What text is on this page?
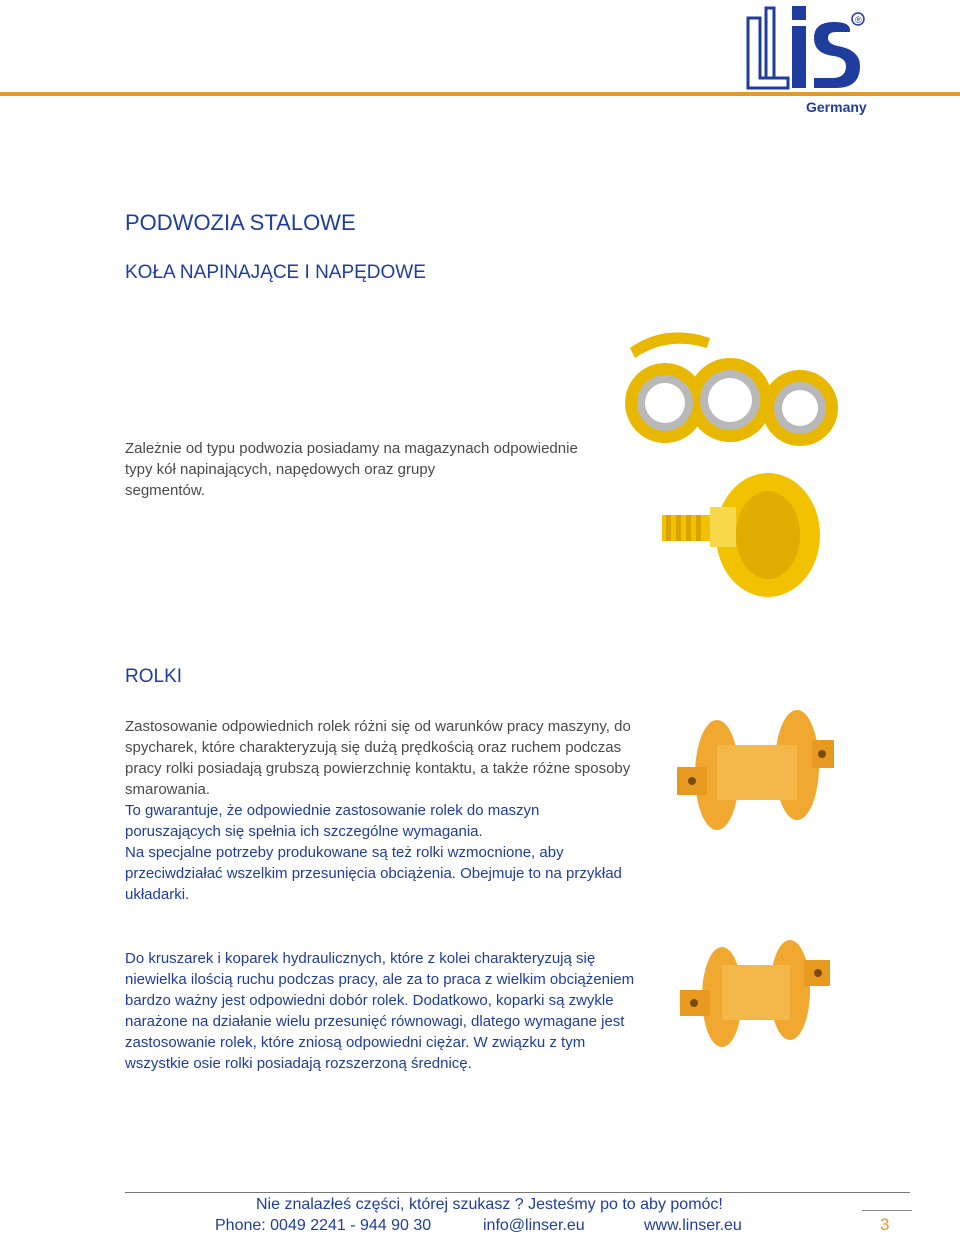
®
Germany
PODWOZIA STALOWE
KOŁA NAPINAJĄCE I NAPĘDOWE

Zależnie od typu podwozia posiadamy na magazynach odpowiednie
typy kół napinających, napędowych oraz grupy
segmentów.

ROLKI

Zastosowanie odpowiednich rolek różni się od warunków pracy maszyny, do
spycharek, które charakteryzują się dużą prędkością oraz ruchem podczas
pracy rolki posiadają grubszą powierzchnię kontaktu, a także różne sposoby
smarowania.

To gwarantuje, że odpowiednie zastosowanie rolek do maszyn
poruszających się spełnia ich szczególne wymagania.

Na specjalne potrzeby produkowane są też rolki wzmocnione, aby
przeciwdziałać wszelkim przesunięcia obciążenia. Obejmuje to na przykład
układarki.

Do kruszarek i koparek hydraulicznych, które z kolei charakteryzują się
niewielka ilością ruchu podczas pracy, ale za to praca z wielkim obciążeniem
bardzo ważny jest odpowiedni dobór rolek. Dodatkowo, koparki są zwykle
narażone na działanie wielu przesunięć równowagi, dlatego wymagane jest
zastosowanie rolek, które zniosą odpowiedni ciężar. W związku z tym
wszystkie osie rolki posiadają rozszerzoną średnicę.

Nie znalazłeś części, której szukasz ? Jesteśmy po to aby pomóc!
Phone: 0049 2241 - 944 90 30	info@linser.eu	www.linser.eu	3
